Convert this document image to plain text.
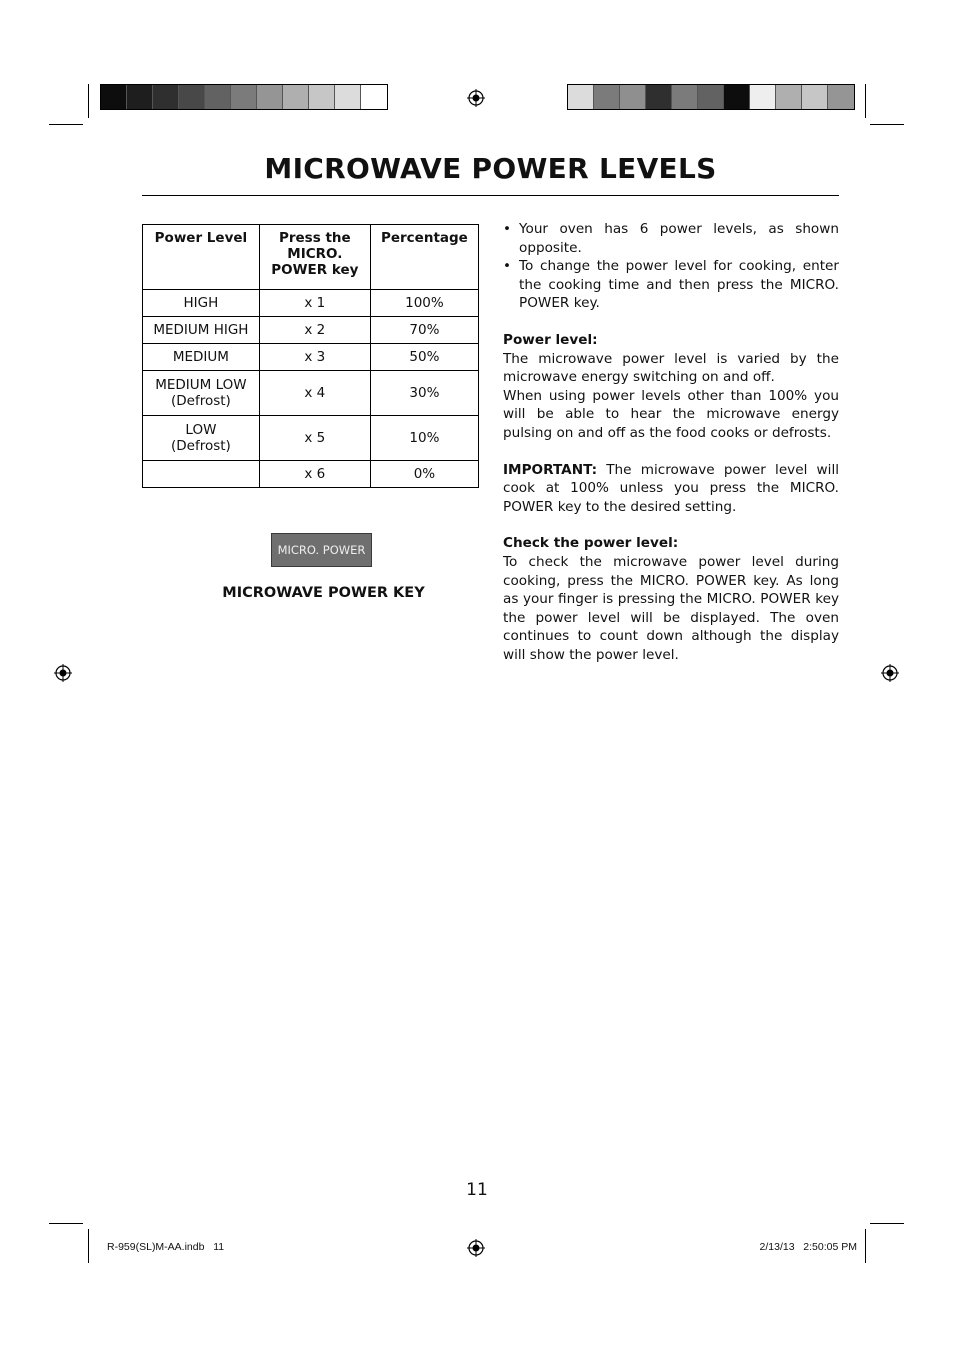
MICROWAVE POWER LEVELS
Power Level	Press the MICRO. POWER key	Percentage
HIGH	x 1	100%
MEDIUM HIGH	x 2	70%
MEDIUM	x 3	50%
MEDIUM LOW (Defrost)	x 4	30%
LOW (Defrost)	x 5	10%
	x 6	0%
MICRO. POWER
MICROWAVE POWER KEY
• Your oven has 6 power levels, as shown opposite.
• To change the power level for cooking, enter the cooking time and then press the MICRO. POWER key.

Power level:

The microwave power level is varied by the microwave energy switching on and off.

When using power levels other than 100% you will be able to hear the microwave energy pulsing on and off as the food cooks or defrosts.

IMPORTANT: The microwave power level will cook at 100% unless you press the MICRO. POWER key to the desired setting.

Check the power level:

To check the microwave power level during cooking, press the MICRO. POWER key. As long as your finger is pressing the MICRO. POWER key the power level will be displayed. The oven continues to count down although the display will show the power level.

11
R-959(SL)M-AA.indb   11	2/13/13   2:50:05 PM
